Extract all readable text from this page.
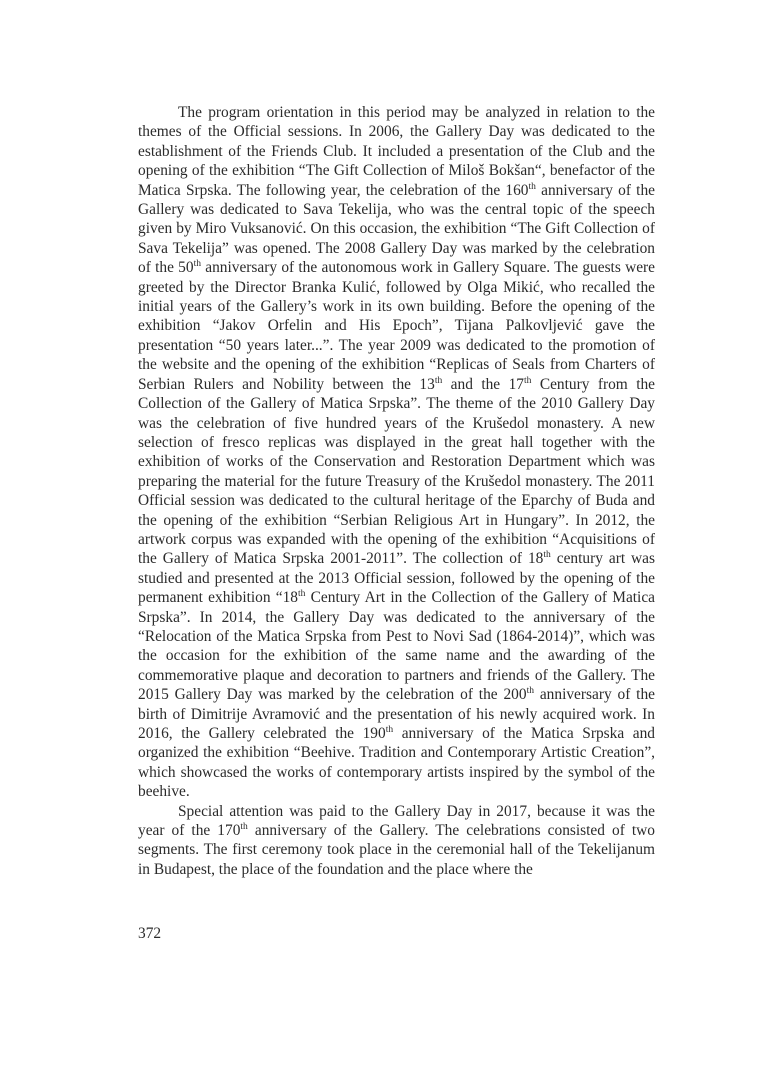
The program orientation in this period may be analyzed in relation to the themes of the Official sessions. In 2006, the Gallery Day was dedicated to the establishment of the Friends Club. It included a presentation of the Club and the opening of the exhibition “The Gift Collection of Miloš Bokšan“, benefactor of the Matica Srpska. The following year, the celebration of the 160th anniversary of the Gallery was dedicated to Sava Tekelija, who was the central topic of the speech given by Miro Vuksanović. On this occasion, the exhibition “The Gift Collection of Sava Tekelija” was opened. The 2008 Gallery Day was marked by the celebration of the 50th anniversary of the autonomous work in Gallery Square. The guests were greeted by the Director Branka Kulić, followed by Olga Mikić, who recalled the initial years of the Gallery’s work in its own building. Before the opening of the exhibition “Jakov Orfelin and His Epoch”, Tijana Palkovljević gave the presentation “50 years later...”. The year 2009 was dedicated to the promotion of the website and the opening of the exhibition “Replicas of Seals from Charters of Serbian Rulers and Nobility between the 13th and the 17th Century from the Collection of the Gallery of Matica Srpska”. The theme of the 2010 Gallery Day was the celebration of five hundred years of the Krušedol monastery. A new selection of fresco replicas was displayed in the great hall together with the exhibition of works of the Conservation and Restoration Department which was preparing the material for the future Treasury of the Krušedol monastery. The 2011 Official session was dedicated to the cultural heritage of the Eparchy of Buda and the opening of the exhibition “Serbian Religious Art in Hungary”. In 2012, the artwork corpus was expanded with the opening of the exhibition “Acquisitions of the Gallery of Matica Srpska 2001-2011”. The collection of 18th century art was studied and presented at the 2013 Official session, followed by the opening of the permanent exhibition “18th Century Art in the Collection of the Gallery of Matica Srpska”. In 2014, the Gallery Day was dedicated to the anniversary of the “Relocation of the Matica Srpska from Pest to Novi Sad (1864-2014)”, which was the occasion for the exhibition of the same name and the awarding of the commemorative plaque and decoration to partners and friends of the Gallery. The 2015 Gallery Day was marked by the celebration of the 200th anniversary of the birth of Dimitrije Avramović and the presentation of his newly acquired work. In 2016, the Gallery celebrated the 190th anniversary of the Matica Srpska and organized the exhibition “Beehive. Tradition and Contemporary Artistic Creation”, which showcased the works of contemporary artists inspired by the symbol of the beehive.

Special attention was paid to the Gallery Day in 2017, because it was the year of the 170th anniversary of the Gallery. The celebrations consisted of two segments. The first ceremony took place in the ceremonial hall of the Tekelijanum in Budapest, the place of the foundation and the place where the

372
